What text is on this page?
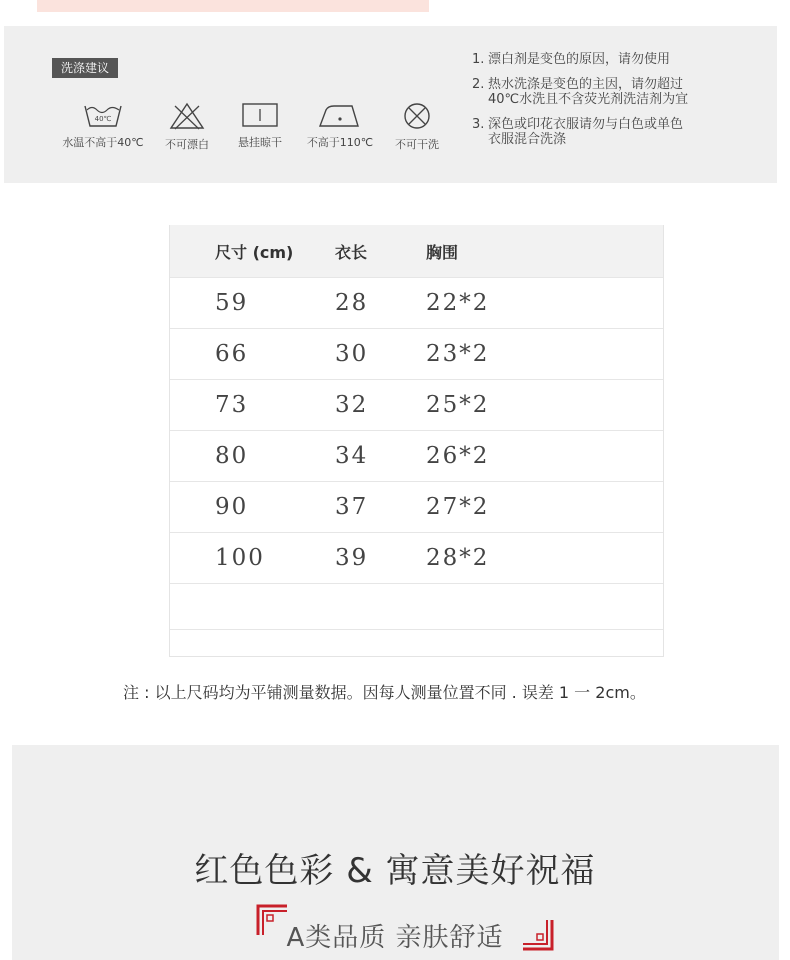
洗涤建议
40℃
水温不高于40℃	不可漂白	悬挂晾干	不高于110℃	不可干洗
1. 漂白剂是变色的原因，请勿使用
2. 热水洗涤是变色的主因，请勿超过
40℃水洗且不含荧光剂洗洁剂为宜
3. 深色或印花衣服请勿与白色或单色
衣服混合洗涤
尺寸 (cm)	衣长	胸围
59	28	22*2
66	30	23*2
73	32	25*2
80	34	26*2
90	37	27*2
100	39	28*2

注 : 以上尺码均为平铺测量数据。因每人测量位置不同 . 误差 1 一 2cm。
红色色彩 & 寓意美好祝福
A类品质 亲肤舒适
